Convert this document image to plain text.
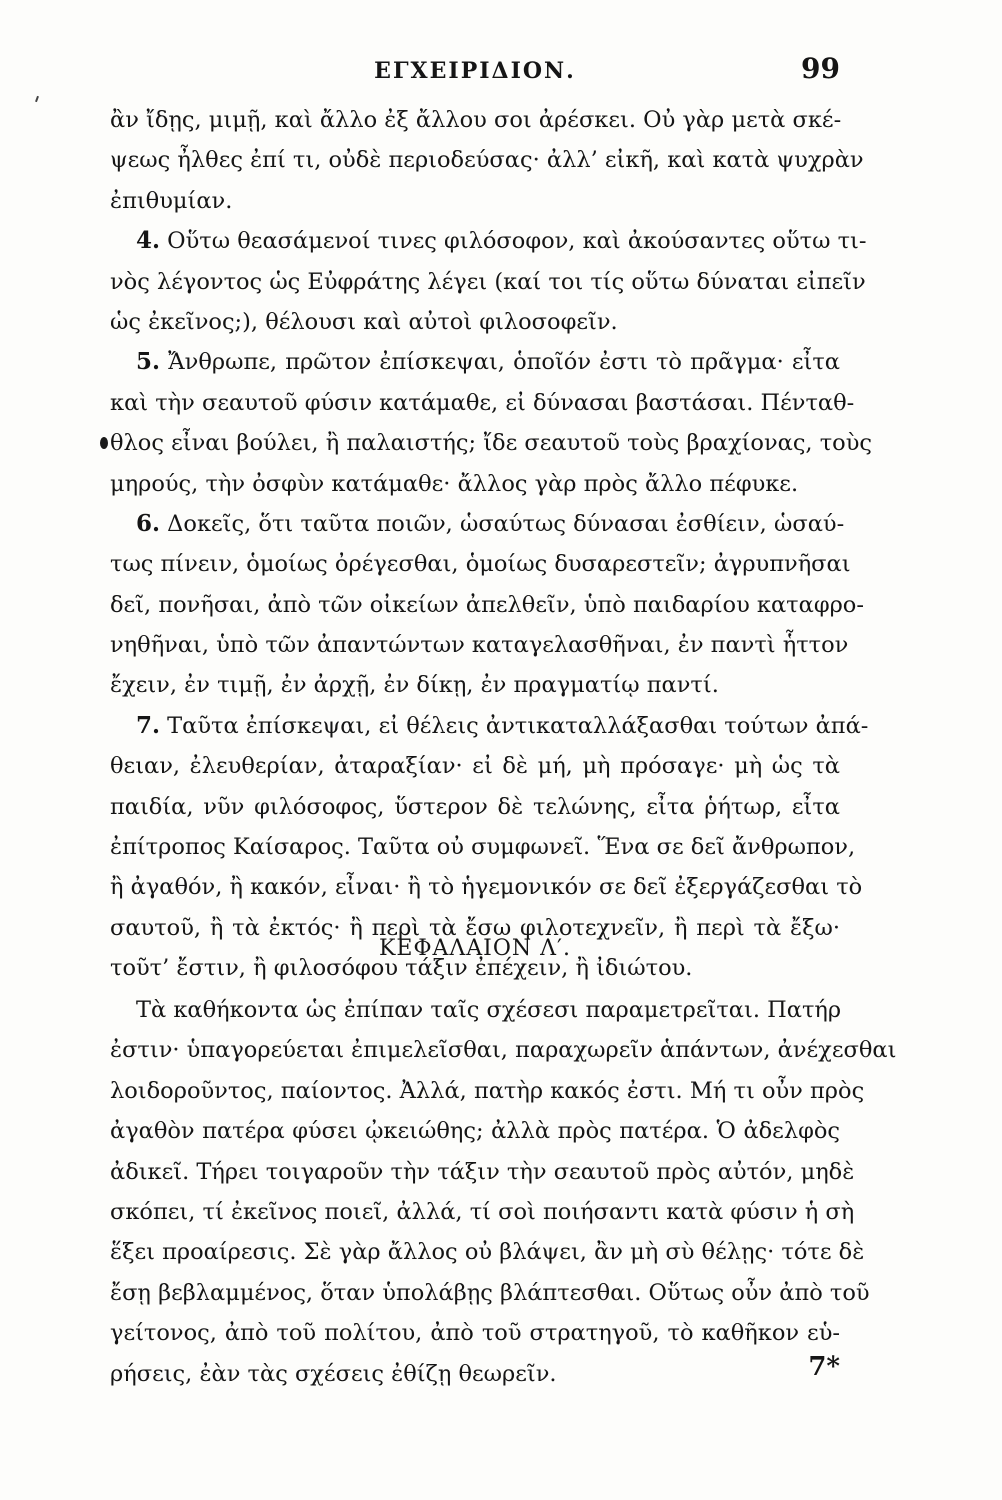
ΕΓΧΕΙΡΙΔΙΟΝ.	99
ἂν ἴδῃς, μιμῇ, καὶ ἄλλο ἐξ ἄλλου σοι ἀρέσκει. Οὐ γὰρ μετὰ σκέ-
ψεως ἦλθες ἐπί τι, οὐδὲ περιοδεύσας· ἀλλ’ εἰκῆ, καὶ κατὰ ψυχρὰν
ἐπιθυμίαν.
4. Οὕτω θεασάμενοί τινες φιλόσοφον, καὶ ἀκούσαντες οὕτω τι-
νὸς λέγοντος ὡς Εὐφράτης λέγει (καί τοι τίς οὕτω δύναται εἰπεῖν
ὡς ἐκεῖνος;), θέλουσι καὶ αὐτοὶ φιλοσοφεῖν.
5. Ἄνθρωπε, πρῶτον ἐπίσκεψαι, ὁποῖόν ἐστι τὸ πρᾶγμα· εἶτα
καὶ τὴν σεαυτοῦ φύσιν κατάμαθε, εἰ δύνασαι βαστάσαι. Πένταθ-
θλος εἶναι βούλει, ἢ παλαιστής; ἴδε σεαυτοῦ τοὺς βραχίονας, τοὺς
μηρούς, τὴν ὀσφὺν κατάμαθε· ἄλλος γὰρ πρὸς ἄλλο πέφυκε.
6. Δοκεῖς, ὅτι ταῦτα ποιῶν, ὡσαύτως δύνασαι ἐσθίειν, ὡσαύ-
τως πίνειν, ὁμοίως ὀρέγεσθαι, ὁμοίως δυσαρεστεῖν; ἀγρυπνῆσαι
δεῖ, πονῆσαι, ἀπὸ τῶν οἰκείων ἀπελθεῖν, ὑπὸ παιδαρίου καταφρο-
νηθῆναι, ὑπὸ τῶν ἀπαντώντων καταγελασθῆναι, ἐν παντὶ ἧττον
ἔχειν, ἐν τιμῇ, ἐν ἀρχῇ, ἐν δίκῃ, ἐν πραγματίῳ παντί.
7. Ταῦτα ἐπίσκεψαι, εἰ θέλεις ἀντικαταλλάξασθαι τούτων ἀπά-
θειαν, ἐλευθερίαν, ἀταραξίαν· εἰ δὲ μή, μὴ πρόσαγε· μὴ ὡς τὰ
παιδία, νῦν φιλόσοφος, ὕστερον δὲ τελώνης, εἶτα ῥήτωρ, εἶτα
ἐπίτροπος Καίσαρος. Ταῦτα οὐ συμφωνεῖ. Ἕνα σε δεῖ ἄνθρωπον,
ἢ ἀγαθόν, ἢ κακόν, εἶναι· ἢ τὸ ἡγεμονικόν σε δεῖ ἐξεργάζεσθαι τὸ
σαυτοῦ, ἢ τὰ ἐκτός· ἢ περὶ τὰ ἔσω φιλοτεχνεῖν, ἢ περὶ τὰ ἔξω·
τοῦτ’ ἔστιν, ἢ φιλοσόφου τάξιν ἐπέχειν, ἢ ἰδιώτου.
ΚΕΦΑΛΑΙΟΝ Λ′.
Τὰ καθήκοντα ὡς ἐπίπαν ταῖς σχέσεσι παραμετρεῖται. Πατήρ
ἐστιν· ὑπαγορεύεται ἐπιμελεῖσθαι, παραχωρεῖν ἁπάντων, ἀνέχεσθαι
λοιδοροῦντος, παίοντος. Ἀλλά, πατὴρ κακός ἐστι. Μή τι οὖν πρὸς
ἀγαθὸν πατέρα φύσει ᾠκειώθης; ἀλλὰ πρὸς πατέρα. Ὁ ἀδελφὸς
ἀδικεῖ. Τήρει τοιγαροῦν τὴν τάξιν τὴν σεαυτοῦ πρὸς αὐτόν, μηδὲ
σκόπει, τί ἐκεῖνος ποιεῖ, ἀλλά, τί σοὶ ποιήσαντι κατὰ φύσιν ἡ σὴ
ἕξει προαίρεσις. Σὲ γὰρ ἄλλος οὐ βλάψει, ἂν μὴ σὺ θέλῃς· τότε δὲ
ἔσῃ βεβλαμμένος, ὅταν ὑπολάβῃς βλάπτεσθαι. Οὕτως οὖν ἀπὸ τοῦ
γείτονος, ἀπὸ τοῦ πολίτου, ἀπὸ τοῦ στρατηγοῦ, τὸ καθῆκον εὑ-
ρήσεις, ἐὰν τὰς σχέσεις ἐθίζῃ θεωρεῖν.	7*
